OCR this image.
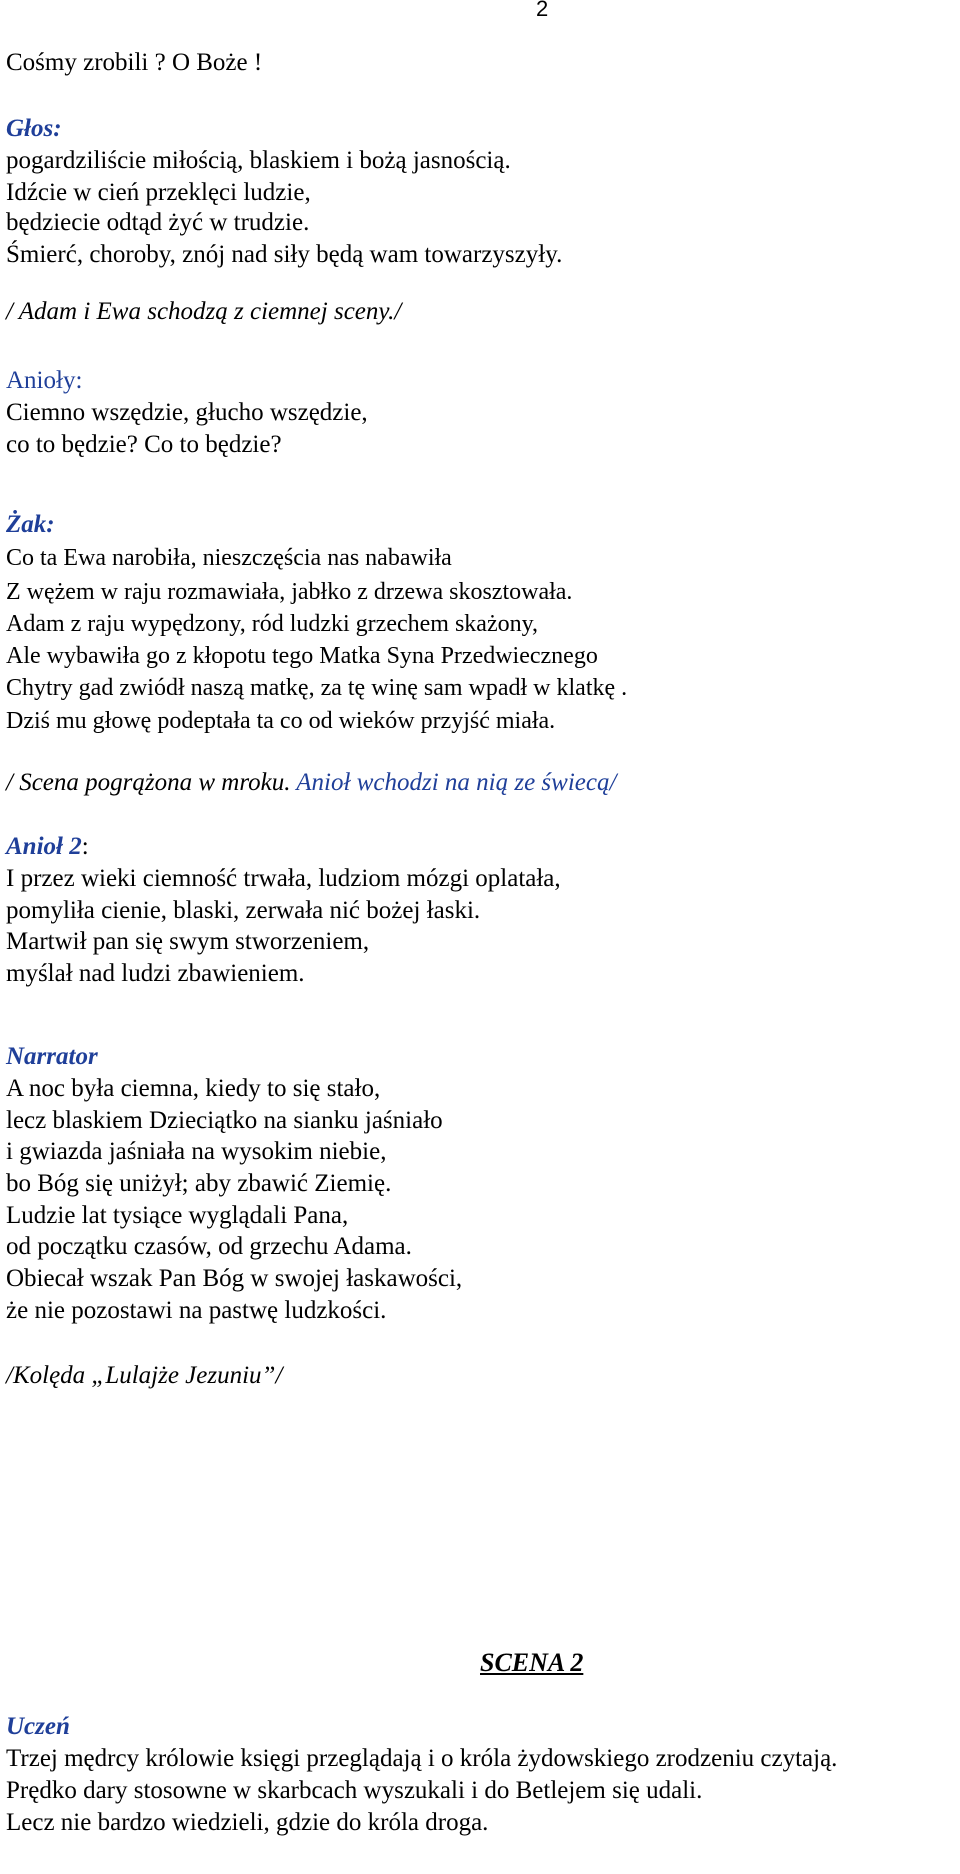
2
Cośmy zrobili ? O Boże !
Głos:
pogardziliście miłością, blaskiem i bożą jasnością.
Idźcie w cień przeklęci ludzie,
będziecie odtąd żyć w trudzie.
Śmierć, choroby, znój nad siły będą wam towarzyszyły.
/ Adam i Ewa schodzą z ciemnej sceny./
Anioły:
Ciemno wszędzie, głucho wszędzie,
co to będzie? Co to będzie?
Żak:
Co ta Ewa narobiła, nieszczęścia nas nabawiła
Z wężem w raju rozmawiała, jabłko z drzewa skosztowała.
Adam z raju wypędzony, ród ludzki grzechem skażony,
Ale wybawiła go z kłopotu tego Matka Syna Przedwiecznego
Chytry gad zwiódł naszą matkę, za tę winę sam wpadł w klatkę .
Dziś mu głowę podeptała ta co od wieków przyjść miała.
/ Scena pogrążona w mroku. Anioł wchodzi na nią ze świecą/
Anioł 2:
I przez wieki ciemność trwała, ludziom mózgi oplatała,
pomyliła cienie, blaski, zerwała nić bożej łaski.
Martwił pan się swym stworzeniem,
myślał nad ludzi zbawieniem.
Narrator
A noc była ciemna, kiedy to się stało,
lecz blaskiem Dzieciątko na sianku jaśniało
i gwiazda jaśniała na wysokim niebie,
bo Bóg się uniżył; aby zbawić Ziemię.
Ludzie lat tysiące wyglądali Pana,
od początku czasów, od grzechu Adama.
Obiecał wszak Pan Bóg w swojej łaskawości,
że nie pozostawi na pastwę ludzkości.
/Kolęda „Lulajże Jezuniu”/
SCENA 2
Uczeń
Trzej mędrcy królowie księgi przeglądają i o króla żydowskiego zrodzeniu czytają.
Prędko dary stosowne w skarbcach wyszukali i do Betlejem się udali.
Lecz nie bardzo wiedzieli, gdzie do króla droga.
